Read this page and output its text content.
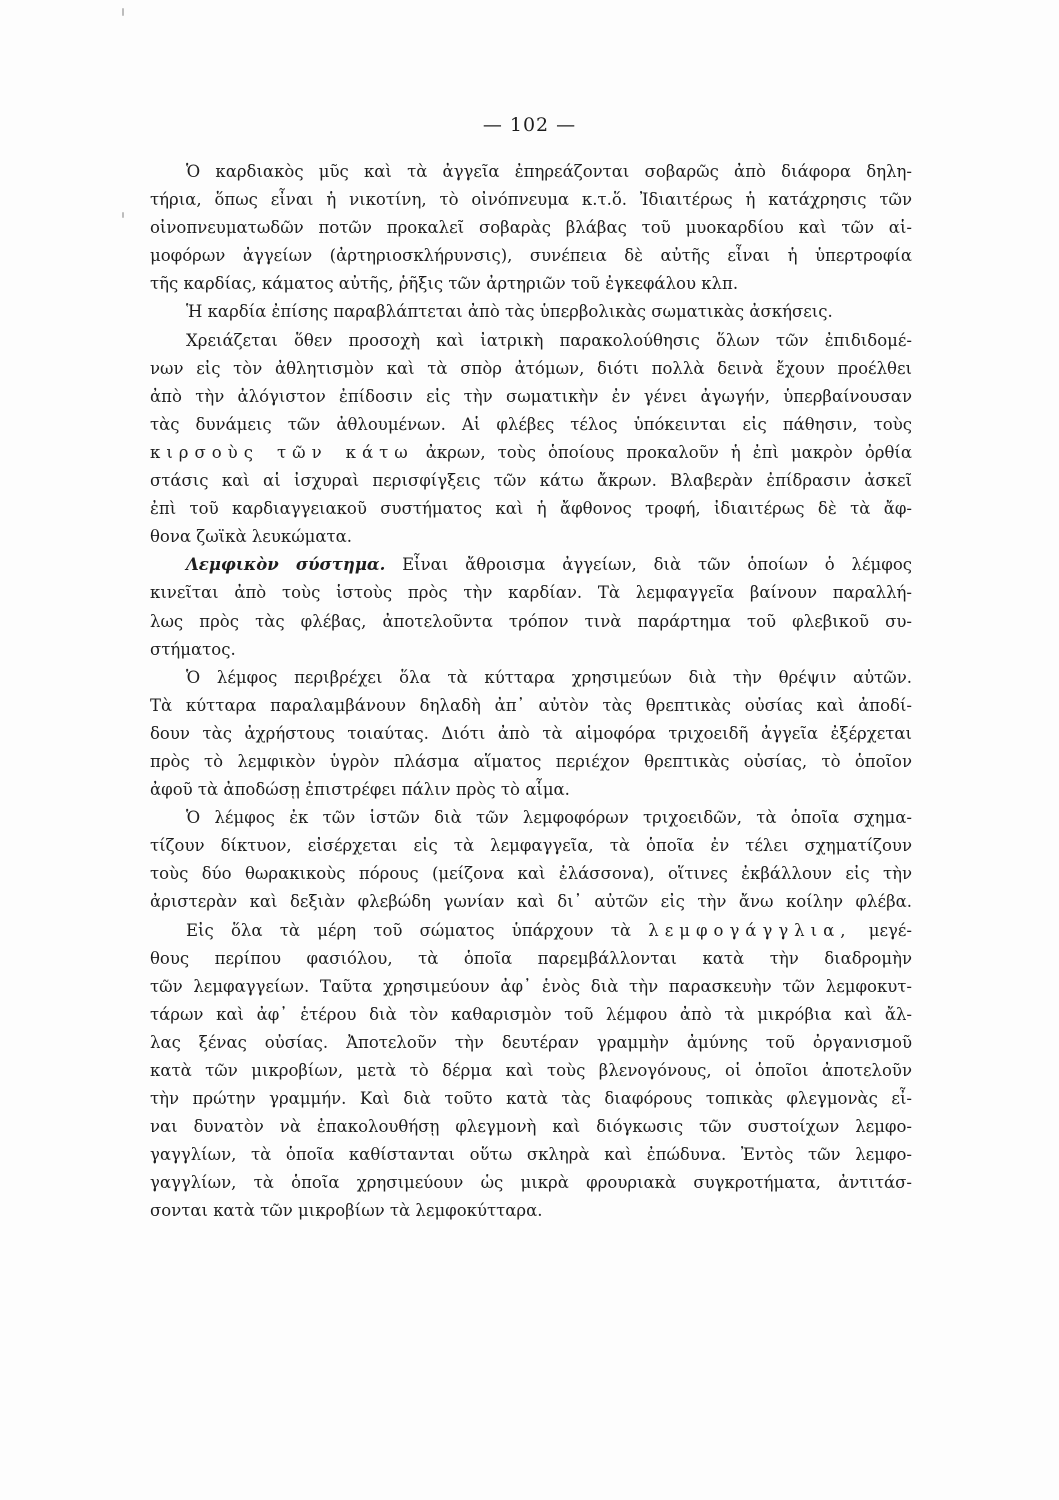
— 102 —
Ὁ καρδιακὸς μῦς καὶ τὰ ἀγγεῖα ἐπηρεάζονται σοβαρῶς ἀπὸ διάφορα δηλη-
τήρια, ὅπως εἶναι ἡ νικοτίνη, τὸ οἰνόπνευμα κ.τ.ὅ. Ἰδιαιτέρως ἡ κατάχρησις τῶν
οἰνοπνευματωδῶν ποτῶν προκαλεῖ σοβαρὰς βλάβας τοῦ μυοκαρδίου καὶ τῶν αἱ-
μοφόρων ἀγγείων (ἀρτηριοσκλήρυνσις), συνέπεια δὲ αὐτῆς εἶναι ἡ ὑπερτροφία
τῆς καρδίας, κάματος αὐτῆς, ῥῆξις τῶν ἀρτηριῶν τοῦ ἐγκεφάλου κλπ.
Ἡ καρδία ἐπίσης παραβλάπτεται ἀπὸ τὰς ὑπερβολικὰς σωματικὰς ἀσκήσεις.
Χρειάζεται ὅθεν προσοχὴ καὶ ἰατρικὴ παρακολούθησις ὅλων τῶν ἐπιδιδομέ-
νων εἰς τὸν ἀθλητισμὸν καὶ τὰ σπὸρ ἀτόμων, διότι πολλὰ δεινὰ ἔχουν προέλθει
ἀπὸ τὴν ἀλόγιστον ἐπίδοσιν εἰς τὴν σωματικὴν ἐν γένει ἀγωγήν, ὑπερβαίνουσαν
τὰς δυνάμεις τῶν ἀθλουμένων. Αἱ φλέβες τέλος ὑπόκεινται εἰς πάθησιν, τοὺς
κιρσοὺς τῶν κάτω ἀκρων, τοὺς ὁποίους προκαλοῦν ἡ ἐπὶ μακρὸν ὀρθία
στάσις καὶ αἱ ἰσχυραὶ περισφίγξεις τῶν κάτω ἄκρων. Βλαβερὰν ἐπίδρασιν ἀσκεῖ
ἐπὶ τοῦ καρδιαγγειακοῦ συστήματος καὶ ἡ ἄφθονος τροφή, ἰδιαιτέρως δὲ τὰ ἄφ-
θονα ζωϊκὰ λευκώματα.
Λεμφικὸν σύστημα. Εἶναι ἄθροισμα ἀγγείων, διὰ τῶν ὁποίων ὁ λέμφος
κινεῖται ἀπὸ τοὺς ἱστοὺς πρὸς τὴν καρδίαν. Τὰ λεμφαγγεῖα βαίνουν παραλλή-
λως πρὸς τὰς φλέβας, ἀποτελοῦντα τρόπον τινὰ παράρτημα τοῦ φλεβικοῦ συ-
στήματος.
Ὁ λέμφος περιβρέχει ὅλα τὰ κύτταρα χρησιμεύων διὰ τὴν θρέψιν αὐτῶν.
Τὰ κύτταρα παραλαμβάνουν δηλαδὴ ἀπ᾽ αὐτὸν τὰς θρεπτικὰς οὐσίας καὶ ἀποδί-
δουν τὰς ἀχρήστους τοιαύτας. Διότι ἀπὸ τὰ αἱμοφόρα τριχοειδῆ ἀγγεῖα ἐξέρχεται
πρὸς τὸ λεμφικὸν ὑγρὸν πλάσμα αἵματος περιέχον θρεπτικὰς οὐσίας, τὸ ὁποῖον
ἀφοῦ τὰ ἀποδώσῃ ἐπιστρέφει πάλιν πρὸς τὸ αἷμα.
Ὁ λέμφος ἐκ τῶν ἱστῶν διὰ τῶν λεμφοφόρων τριχοειδῶν, τὰ ὁποῖα σχημα-
τίζουν δίκτυον, εἰσέρχεται εἰς τὰ λεμφαγγεῖα, τὰ ὁποῖα ἐν τέλει σχηματίζουν
τοὺς δύο θωρακικοὺς πόρους (μείζονα καὶ ἐλάσσονα), οἵτινες ἐκβάλλουν εἰς τὴν
ἀριστερὰν καὶ δεξιὰν φλεβώδη γωνίαν καὶ δι᾽ αὐτῶν εἰς τὴν ἄνω κοίλην φλέβα.
Εἰς ὅλα τὰ μέρη τοῦ σώματος ὑπάρχουν τὰ λεμφογάγγλια, μεγέ-
θους περίπου φασιόλου, τὰ ὁποῖα παρεμβάλλονται κατὰ τὴν διαδρομὴν
τῶν λεμφαγγείων. Ταῦτα χρησιμεύουν ἀφ᾽ ἑνὸς διὰ τὴν παρασκευὴν τῶν λεμφοκυτ-
τάρων καὶ ἀφ᾽ ἑτέρου διὰ τὸν καθαρισμὸν τοῦ λέμφου ἀπὸ τὰ μικρόβια καὶ ἄλ-
λας ξένας οὐσίας. Ἀποτελοῦν τὴν δευτέραν γραμμὴν ἀμύνης τοῦ ὀργανισμοῦ
κατὰ τῶν μικροβίων, μετὰ τὸ δέρμα καὶ τοὺς βλενογόνους, οἱ ὁποῖοι ἀποτελοῦν
τὴν πρώτην γραμμήν. Καὶ διὰ τοῦτο κατὰ τὰς διαφόρους τοπικὰς φλεγμονὰς εἶ-
ναι δυνατὸν νὰ ἐπακολουθήσῃ φλεγμονὴ καὶ διόγκωσις τῶν συστοίχων λεμφο-
γαγγλίων, τὰ ὁποῖα καθίστανται οὕτω σκληρὰ καὶ ἐπώδυνα. Ἐντὸς τῶν λεμφο-
γαγγλίων, τὰ ὁποῖα χρησιμεύουν ὡς μικρὰ φρουριακὰ συγκροτήματα, ἀντιτάσ-
σονται κατὰ τῶν μικροβίων τὰ λεμφοκύτταρα.
